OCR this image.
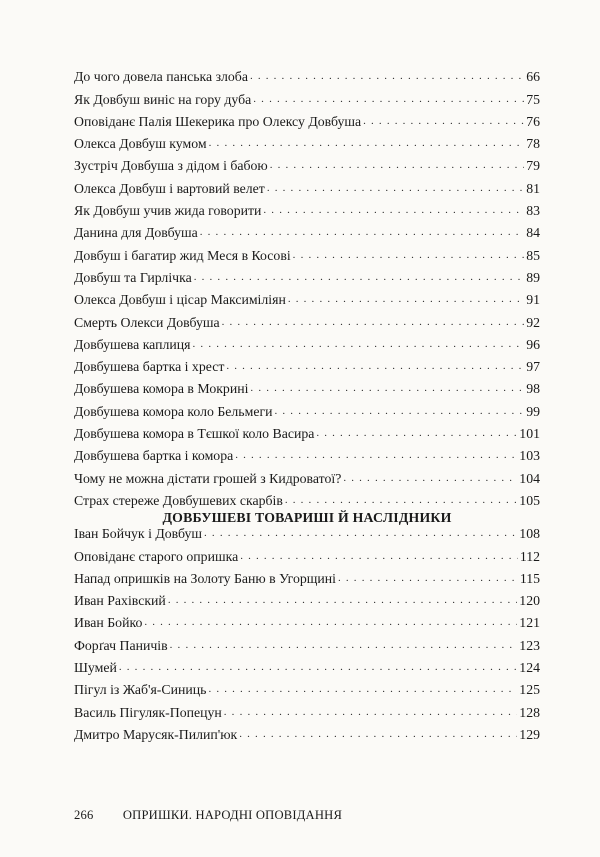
До чого довела панська злоба . . .	66
Як Довбуш виніс на гору дуба . . .	75
Оповіданє Палія Шекерика про Олексу Довбуша . . .	76
Олекса Довбуш кумом . . .	78
Зустріч Довбуша з дідом і бабою . . .	79
Олекса Довбуш і вартовий велет . . .	81
Як Довбуш учив жида говорити . . .	83
Данина для Довбуша . . .	84
Довбуш і багатир жид Меся в Косові . . .	85
Довбуш та Гирлічка . . .	89
Олекса Довбуш і цісар Максиміліян . . .	91
Смерть Олекси Довбуша . . .	92
Довбушева каплиця . . .	96
Довбушева бартка і хрест . . .	97
Довбушева комора в Мокрині . . .	98
Довбушева комора коло Бельмеги . . .	99
Довбушева комора в Тєшкої коло Васира . . .	101
Довбушева бартка і комора . . .	103
Чому не можна дістати грошей з Кидроватої? . . .	104
Страх стереже Довбушевих скарбів . . .	105
ДОВБУШЕВІ ТОВАРИШІ Й НАСЛІДНИКИ
Іван Бойчук і Довбуш . . .	108
Оповіданє старого опришка . . .	112
Напад опришків на Золоту Баню в Угорщині . . .	115
Иван Рахівский . . .	120
Иван Бойко . . .	121
Форґач Паничів . . .	123
Шумей . . .	124
Пігул із Жаб'я-Синиць . . .	125
Василь Пігуляк-Попецун . . .	128
Дмитро Марусяк-Пилип'юк . . .	129
266 ОПРИШКИ. НАРОДНІ ОПОВІДАННЯ
